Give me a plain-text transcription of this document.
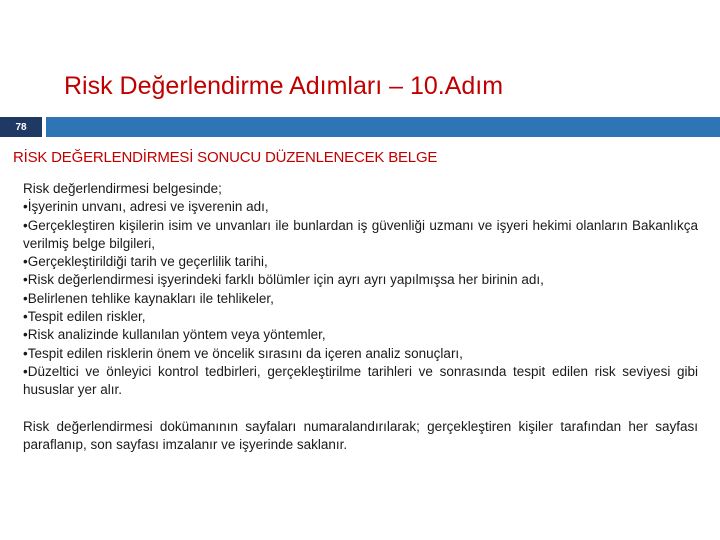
Risk Değerlendirme Adımları – 10.Adım
78
RİSK DEĞERLENDİRMESİ SONUCU DÜZENLENECEK BELGE

Risk değerlendirmesi belgesinde;

•İşyerinin unvanı, adresi ve işverenin adı,

•Gerçekleştiren kişilerin isim ve unvanları ile bunlardan iş güvenliği uzmanı ve işyeri hekimi olanların Bakanlıkça verilmiş belge bilgileri,

•Gerçekleştirildiği tarih ve geçerlilik tarihi,

•Risk değerlendirmesi işyerindeki farklı bölümler için ayrı ayrı yapılmışsa her birinin adı,

•Belirlenen tehlike kaynakları ile tehlikeler,

•Tespit edilen riskler,

•Risk analizinde kullanılan yöntem veya yöntemler,

•Tespit edilen risklerin önem ve öncelik sırasını da içeren analiz sonuçları,

•Düzeltici ve önleyici kontrol tedbirleri, gerçekleştirilme tarihleri ve sonrasında tespit edilen risk seviyesi gibi hususlar yer alır.

Risk değerlendirmesi dokümanının sayfaları numaralandırılarak; gerçekleştiren kişiler tarafından her sayfası paraflanıp, son sayfası imzalanır ve işyerinde saklanır.
